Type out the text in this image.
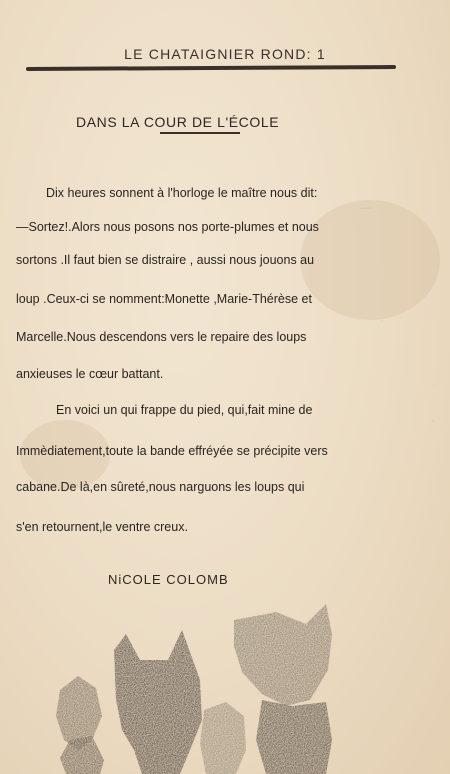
—
·
·
'
LE CHATAIGNIER ROND: 1
DANS LA COUR DE L'ÉCOLE
Dix heures sonnent à l'horloge le maître nous dit:
—Sortez!.Alors nous posons nos porte-plumes et nous
sortons .Il faut bien se distraire , aussi nous jouons au
loup .Ceux-ci se nomment:Monette ,Marie-Thérèse et
Marcelle.Nous descendons vers le repaire des loups
anxieuses le cœur battant.
En voici un qui frappe du pied, qui,fait mine de
Immèdiatement,toute la bande effréyée se précipite vers
cabane.De là,en sûreté,nous narguons les loups qui
s'en retournent,le ventre creux.
NiCOLE COLOMB
